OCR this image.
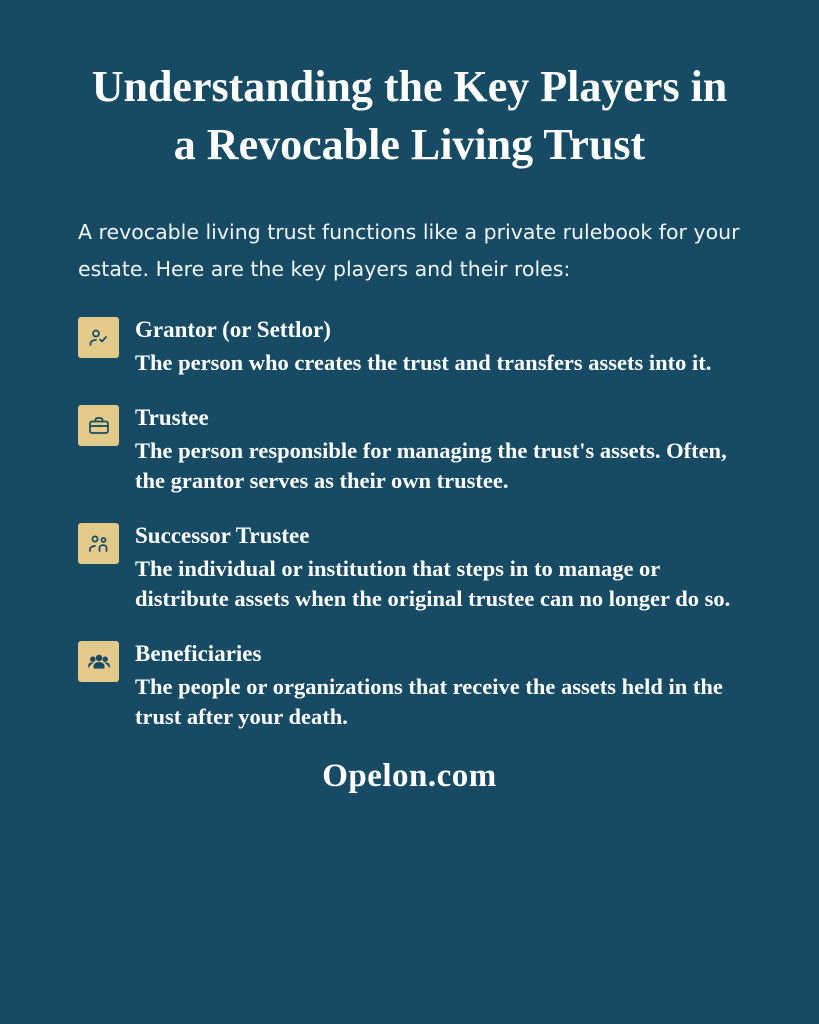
Understanding the Key Players in a Revocable Living Trust

A revocable living trust functions like a private rulebook for your estate. Here are the key players and their roles:

Grantor (or Settlor)
The person who creates the trust and transfers assets into it.
Trustee
The person responsible for managing the trust's assets. Often, the grantor serves as their own trustee.
Successor Trustee
The individual or institution that steps in to manage or distribute assets when the original trustee can no longer do so.
Beneficiaries
The people or organizations that receive the assets held in the trust after your death.
Opelon.com
